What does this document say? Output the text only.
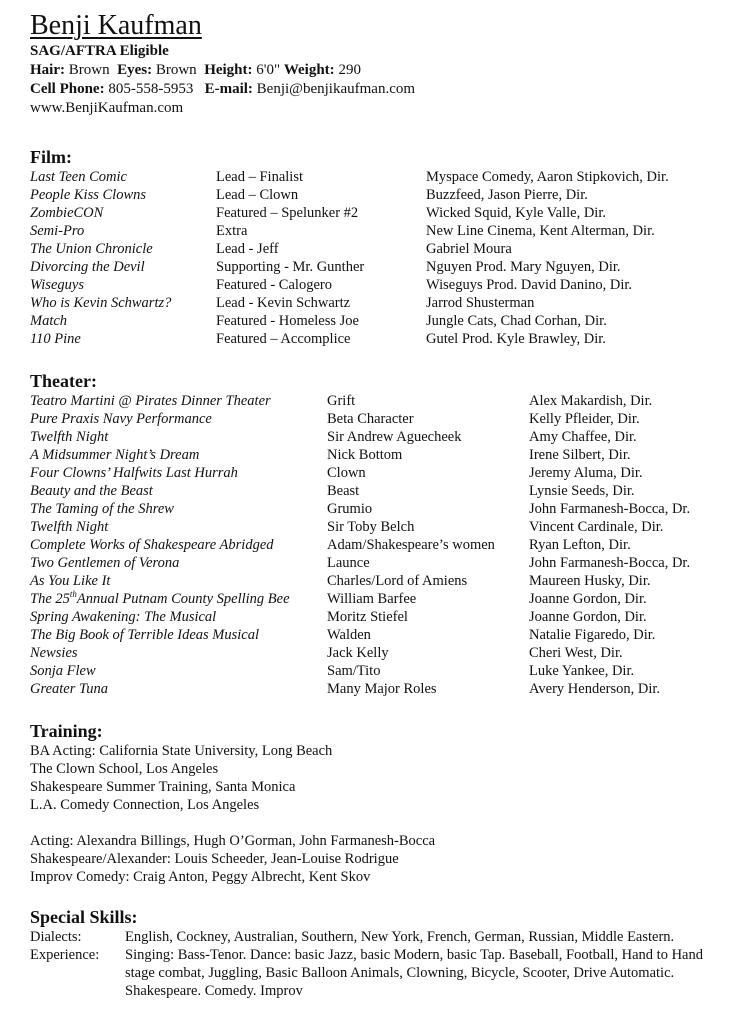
Benji Kaufman
SAG/AFTRA Eligible
Hair: Brown Eyes: Brown Height: 6'0" Weight: 290
Cell Phone: 805-558-5953 E-mail: Benji@benjikaufman.com
www.BenjiKaufman.com
Film:
Last Teen Comic	Lead – Finalist	Myspace Comedy, Aaron Stipkovich, Dir.
People Kiss Clowns	Lead – Clown	Buzzfeed, Jason Pierre, Dir.
ZombieCON	Featured – Spelunker #2	Wicked Squid, Kyle Valle, Dir.
Semi-Pro	Extra	New Line Cinema, Kent Alterman, Dir.
The Union Chronicle	Lead - Jeff	Gabriel Moura
Divorcing the Devil	Supporting - Mr. Gunther	Nguyen Prod. Mary Nguyen, Dir.
Wiseguys	Featured - Calogero	Wiseguys Prod. David Danino, Dir.
Who is Kevin Schwartz?	Lead - Kevin Schwartz	Jarrod Shusterman
Match	Featured - Homeless Joe	Jungle Cats, Chad Corhan, Dir.
110 Pine	Featured – Accomplice	Gutel Prod. Kyle Brawley, Dir.
Theater:
Teatro Martini @ Pirates Dinner Theater	Grift	Alex Makardish, Dir.
Pure Praxis Navy Performance	Beta Character	Kelly Pfleider, Dir.
Twelfth Night	Sir Andrew Aguecheek	Amy Chaffee, Dir.
A Midsummer Night’s Dream	Nick Bottom	Irene Silbert, Dir.
Four Clowns’ Halfwits Last Hurrah	Clown	Jeremy Aluma, Dir.
Beauty and the Beast	Beast	Lynsie Seeds, Dir.
The Taming of the Shrew	Grumio	John Farmanesh-Bocca, Dr.
Twelfth Night	Sir Toby Belch	Vincent Cardinale, Dir.
Complete Works of Shakespeare Abridged	Adam/Shakespeare’s women	Ryan Lefton, Dir.
Two Gentlemen of Verona	Launce	John Farmanesh-Bocca, Dr.
As You Like It	Charles/Lord of Amiens	Maureen Husky, Dir.
The 25thAnnual Putnam County Spelling Bee	William Barfee	Joanne Gordon, Dir.
Spring Awakening: The Musical	Moritz Stiefel	Joanne Gordon, Dir.
The Big Book of Terrible Ideas Musical	Walden	Natalie Figaredo, Dir.
Newsies	Jack Kelly	Cheri West, Dir.
Sonja Flew	Sam/Tito	Luke Yankee, Dir.
Greater Tuna	Many Major Roles	Avery Henderson, Dir.
Training:
BA Acting: California State University, Long Beach
The Clown School, Los Angeles
Shakespeare Summer Training, Santa Monica
L.A. Comedy Connection, Los Angeles
Acting: Alexandra Billings, Hugh O’Gorman, John Farmanesh-Bocca
Shakespeare/Alexander: Louis Scheeder, Jean-Louise Rodrigue
Improv Comedy: Craig Anton, Peggy Albrecht, Kent Skov
Special Skills:
Dialects:	English, Cockney, Australian, Southern, New York, French, German, Russian, Middle Eastern.
Experience:	Singing: Bass-Tenor. Dance: basic Jazz, basic Modern, basic Tap. Baseball, Football, Hand to Hand stage combat, Juggling, Basic Balloon Animals, Clowning, Bicycle, Scooter, Drive Automatic. Shakespeare. Comedy. Improv
